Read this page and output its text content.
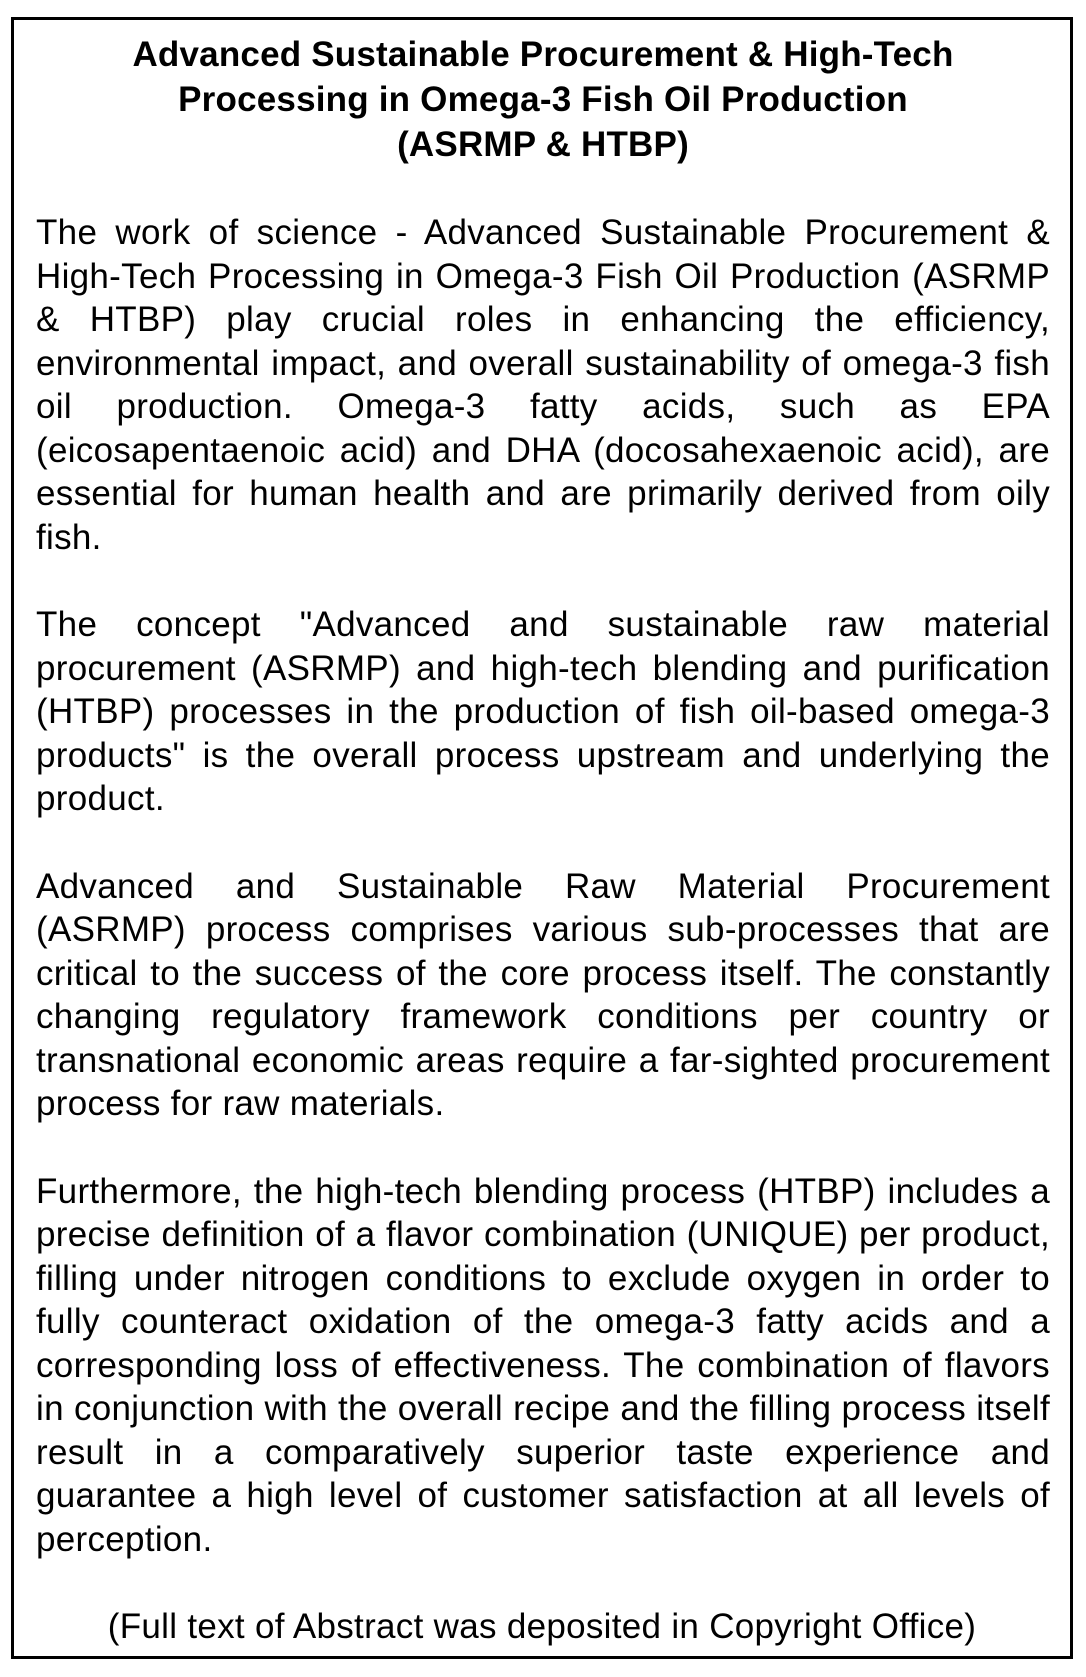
Advanced Sustainable Procurement & High-Tech
Processing in Omega-3 Fish Oil Production
(ASRMP & HTBP)

The work of science - Advanced Sustainable Procurement & High-Tech Processing in Omega-3 Fish Oil Production (ASRMP & HTBP) play crucial roles in enhancing the efficiency, environmental impact, and overall sustainability of omega-3 fish oil production. Omega-3 fatty acids, such as EPA (eicosapentaenoic acid) and DHA (docosahexaenoic acid), are essential for human health and are primarily derived from oily fish.

The concept "Advanced and sustainable raw material procurement (ASRMP) and high-tech blending and purification (HTBP) processes in the production of fish oil-based omega-3 products" is the overall process upstream and underlying the product.

Advanced and Sustainable Raw Material Procurement (ASRMP) process comprises various sub-processes that are critical to the success of the core process itself. The constantly changing regulatory framework conditions per country or transnational economic areas require a far-sighted procurement process for raw materials.

Furthermore, the high-tech blending process (HTBP) includes a precise definition of a flavor combination (UNIQUE) per product, filling under nitrogen conditions to exclude oxygen in order to fully counteract oxidation of the omega-3 fatty acids and a corresponding loss of effectiveness. The combination of flavors in conjunction with the overall recipe and the filling process itself result in a comparatively superior taste experience and guarantee a high level of customer satisfaction at all levels of perception.

(Full text of Abstract was deposited in Copyright Office)
